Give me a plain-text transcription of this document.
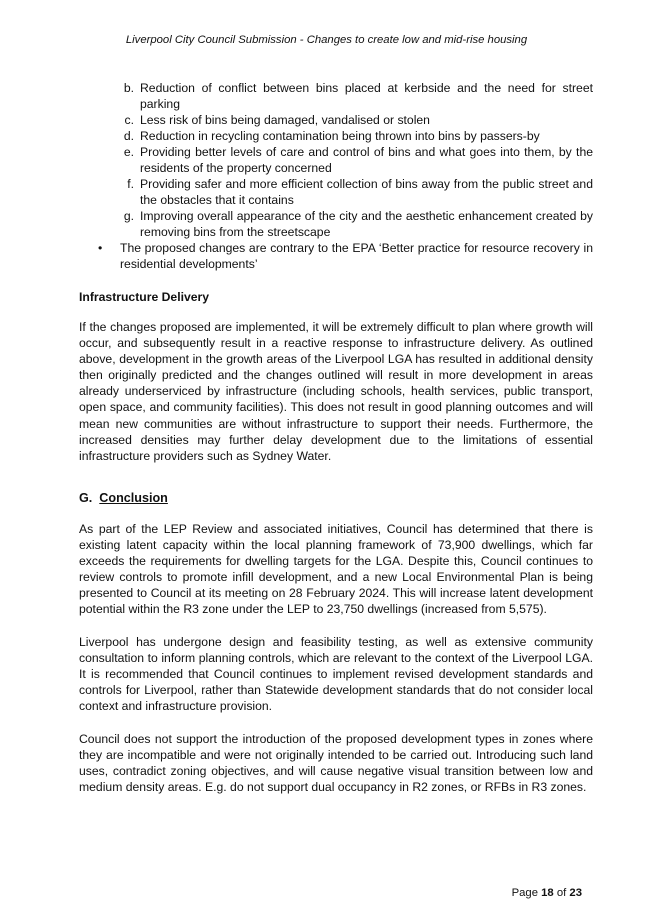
Liverpool City Council Submission - Changes to create low and mid-rise housing
b. Reduction of conflict between bins placed at kerbside and the need for street parking
c. Less risk of bins being damaged, vandalised or stolen
d. Reduction in recycling contamination being thrown into bins by passers-by
e. Providing better levels of care and control of bins and what goes into them, by the residents of the property concerned
f. Providing safer and more efficient collection of bins away from the public street and the obstacles that it contains
g. Improving overall appearance of the city and the aesthetic enhancement created by removing bins from the streetscape
• The proposed changes are contrary to the EPA ‘Better practice for resource recovery in residential developments’
Infrastructure Delivery

If the changes proposed are implemented, it will be extremely difficult to plan where growth will occur, and subsequently result in a reactive response to infrastructure delivery. As outlined above, development in the growth areas of the Liverpool LGA has resulted in additional density then originally predicted and the changes outlined will result in more development in areas already underserviced by infrastructure (including schools, health services, public transport, open space, and community facilities). This does not result in good planning outcomes and will mean new communities are without infrastructure to support their needs. Furthermore, the increased densities may further delay development due to the limitations of essential infrastructure providers such as Sydney Water.

G. Conclusion

As part of the LEP Review and associated initiatives, Council has determined that there is existing latent capacity within the local planning framework of 73,900 dwellings, which far exceeds the requirements for dwelling targets for the LGA. Despite this, Council continues to review controls to promote infill development, and a new Local Environmental Plan is being presented to Council at its meeting on 28 February 2024. This will increase latent development potential within the R3 zone under the LEP to 23,750 dwellings (increased from 5,575).

Liverpool has undergone design and feasibility testing, as well as extensive community consultation to inform planning controls, which are relevant to the context of the Liverpool LGA. It is recommended that Council continues to implement revised development standards and controls for Liverpool, rather than Statewide development standards that do not consider local context and infrastructure provision.

Council does not support the introduction of the proposed development types in zones where they are incompatible and were not originally intended to be carried out. Introducing such land uses, contradict zoning objectives, and will cause negative visual transition between low and medium density areas. E.g. do not support dual occupancy in R2 zones, or RFBs in R3 zones.

Page 18 of 23
